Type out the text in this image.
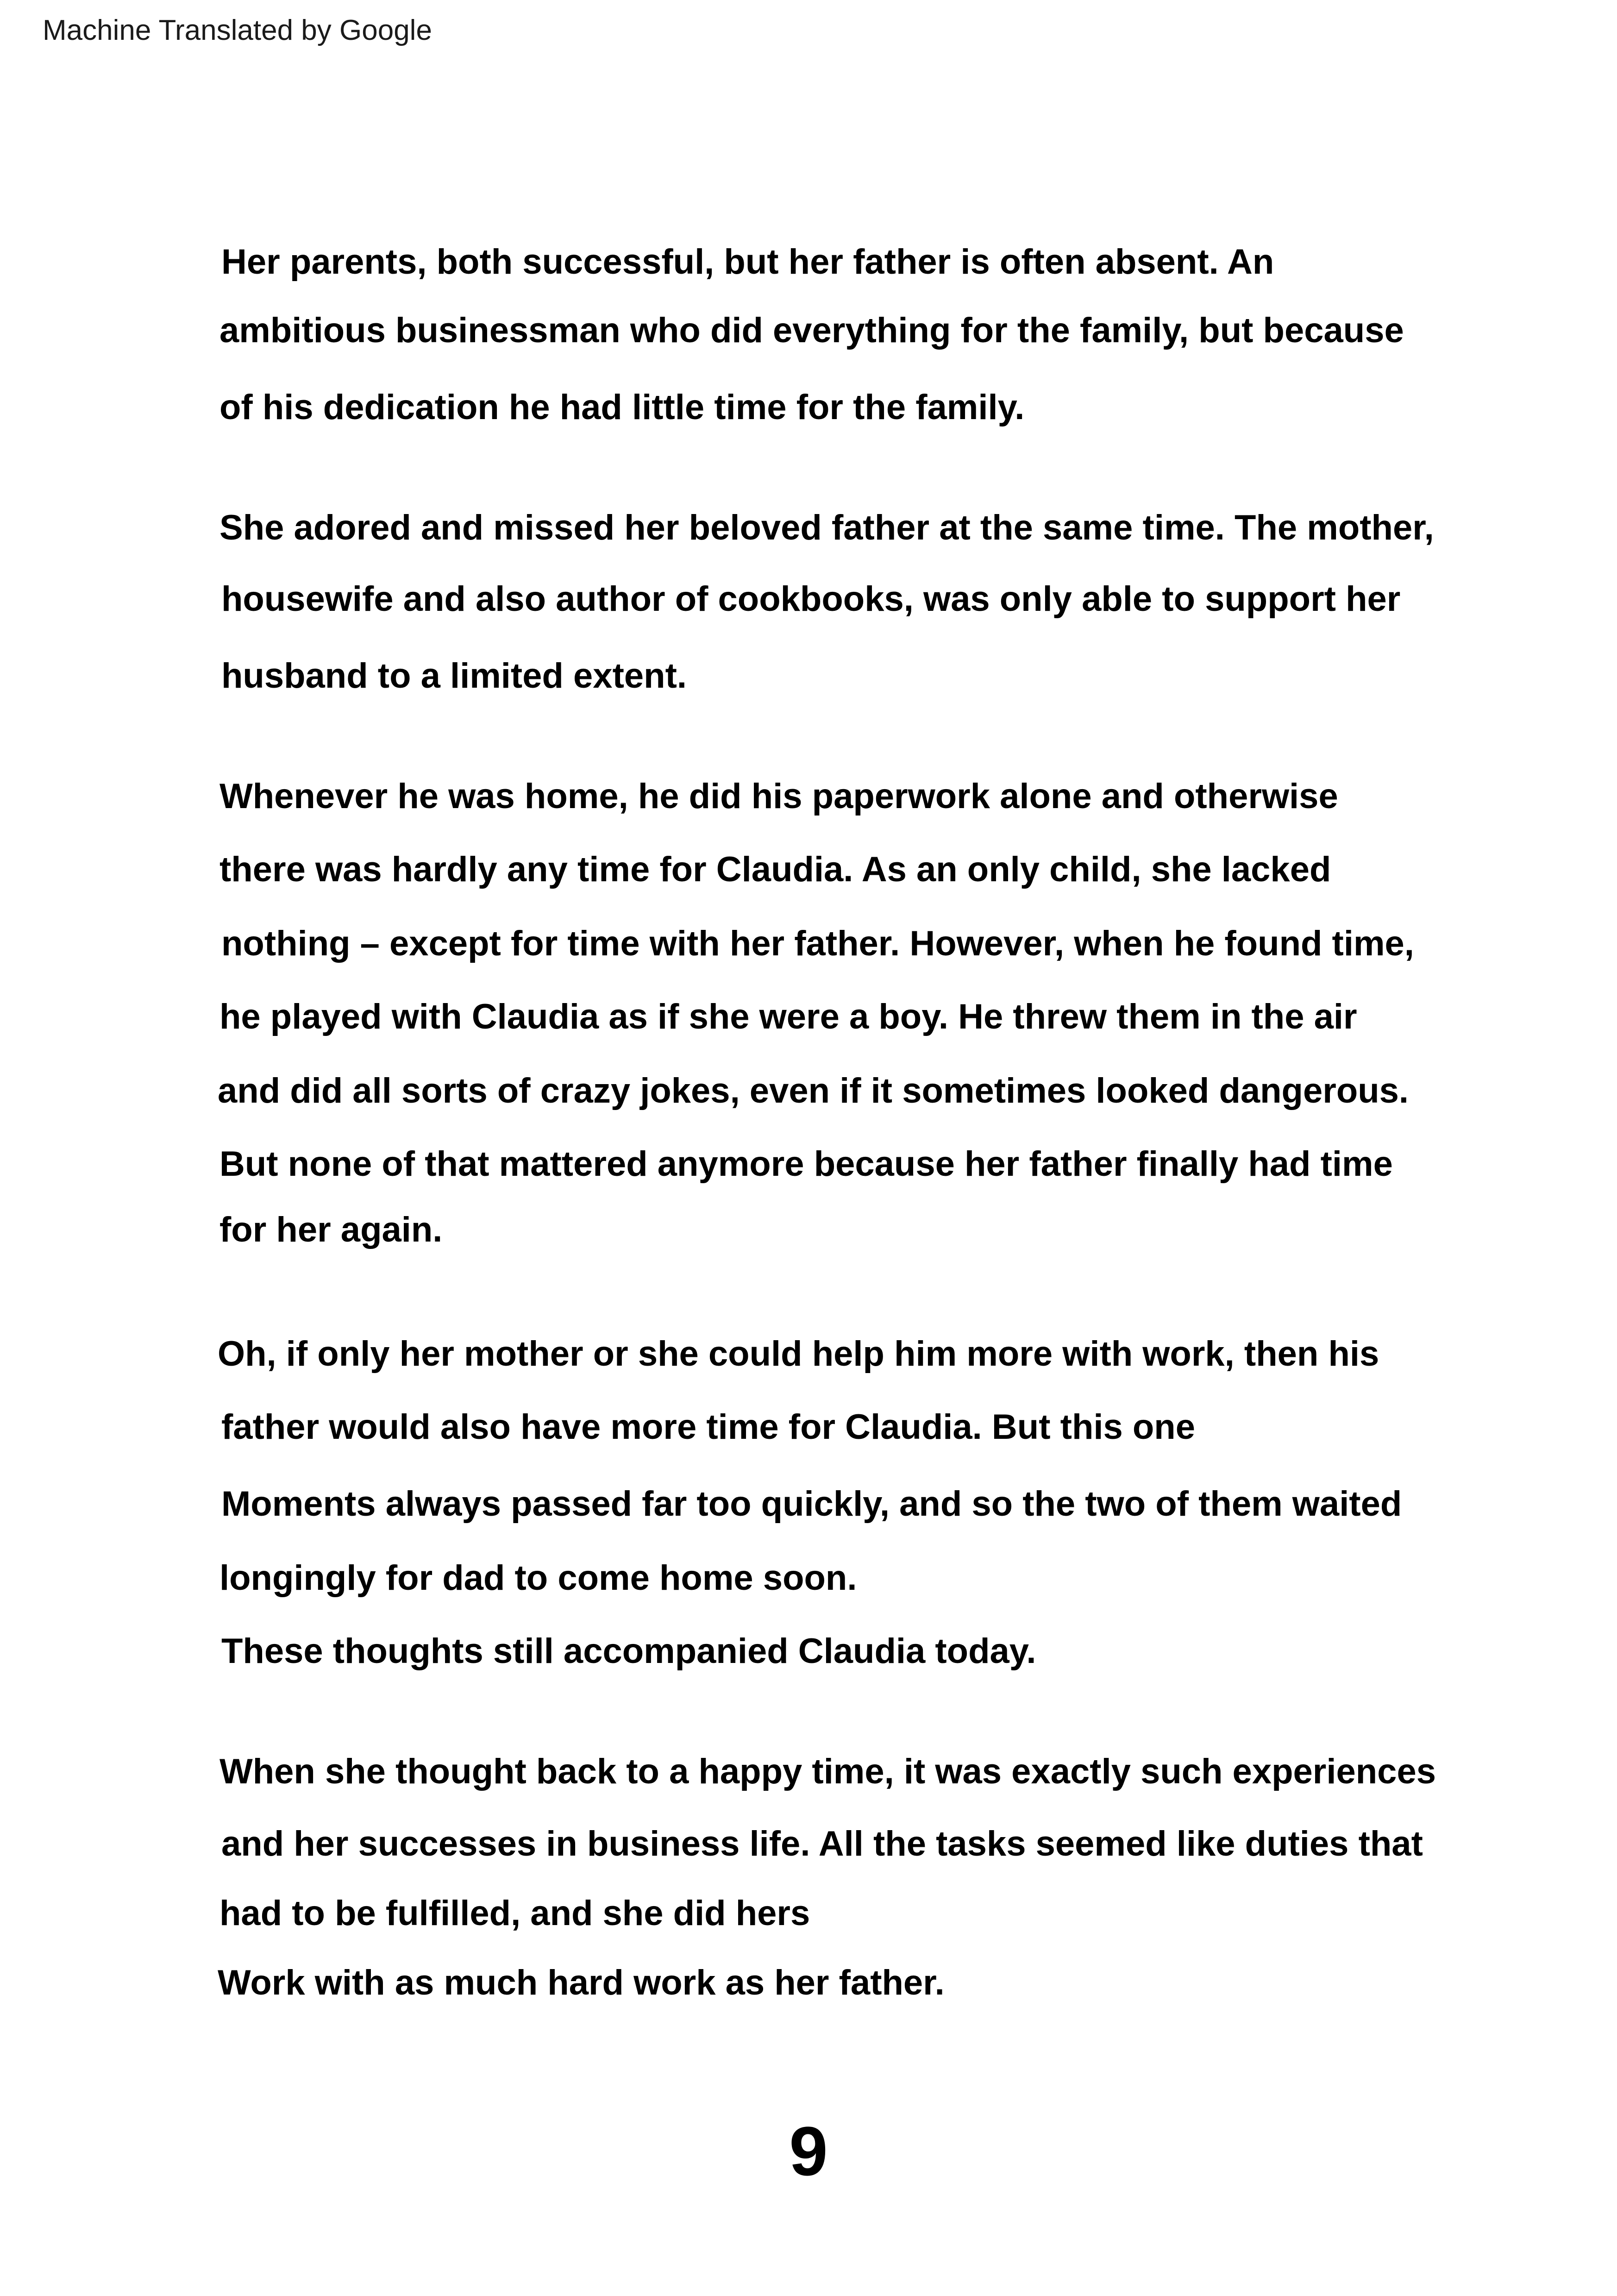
Machine Translated by Google
Her parents, both successful, but her father is often absent. An
ambitious businessman who did everything for the family, but because
of his dedication he had little time for the family.
She adored and missed her beloved father at the same time. The mother,
housewife and also author of cookbooks, was only able to support her
husband to a limited extent.
Whenever he was home, he did his paperwork alone and otherwise
there was hardly any time for Claudia. As an only child, she lacked
nothing – except for time with her father. However, when he found time,
he played with Claudia as if she were a boy. He threw them in the air
and did all sorts of crazy jokes, even if it sometimes looked dangerous.
But none of that mattered anymore because her father finally had time
for her again.
Oh, if only her mother or she could help him more with work, then his
father would also have more time for Claudia. But this one
Moments always passed far too quickly, and so the two of them waited
longingly for dad to come home soon.
These thoughts still accompanied Claudia today.
When she thought back to a happy time, it was exactly such experiences
and her successes in business life. All the tasks seemed like duties that
had to be fulfilled, and she did hers
Work with as much hard work as her father.
9
